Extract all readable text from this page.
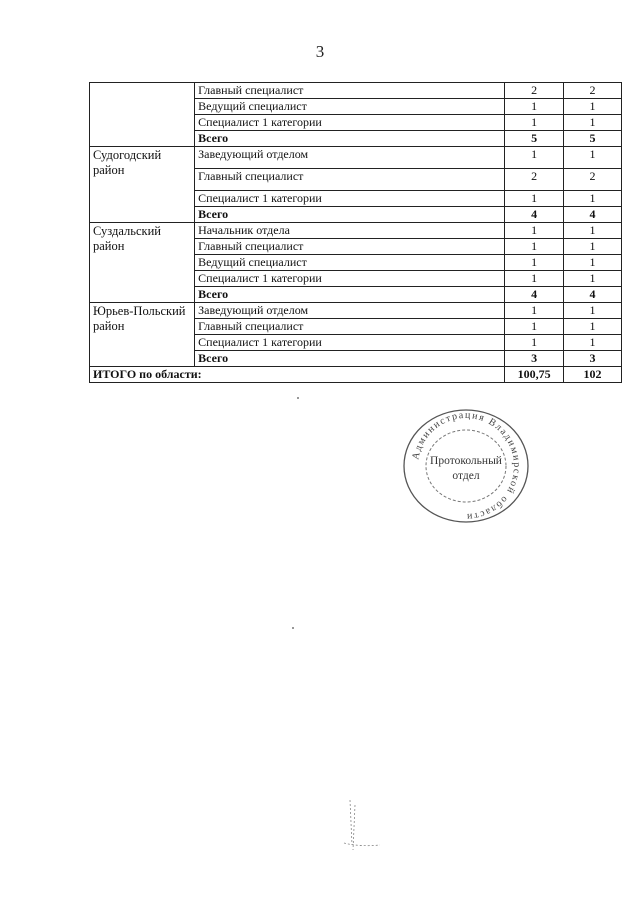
3
	Главный специалист	2	2
	Ведущий специалист	1	1
	Специалист 1 категории	1	1
	Всего	5	5
Судогодский район	Заведующий отделом	1	1
	Главный специалист	2	2
	Специалист 1 категории	1	1
	Всего	4	4
Суздальский район	Начальник отдела	1	1
	Главный специалист	1	1
	Ведущий специалист	1	1
	Специалист 1 категории	1	1
	Всего	4	4
Юрьев-Польский район	Заведующий отделом	1	1
	Главный специалист	1	1
	Специалист 1 категории	1	1
	Всего	3	3
ИТОГО по области:		100,75	102
Администрация Владимирской области
Протокольный
отдел
